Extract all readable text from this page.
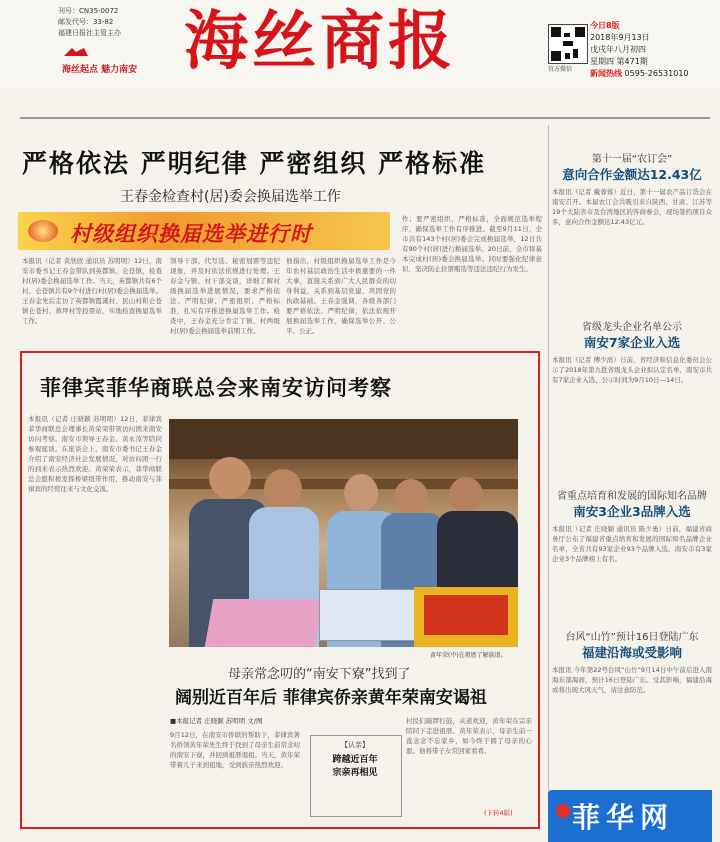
刊号：CN35-0072
邮发代号：33-82
福建日报社主管主办
海丝起点 魅力南安 海丝商报	官方微信
今日8版
2018年9月13日
戊戌年八月初四
星期四 第471期
新闻热线 0595-26531010
严格依法 严明纪律 严密组织 严格标准
王春金检查村(居)委会换届选举工作
村级组织换届选举进行时
本报讯（记者 黄欣欣 通讯员 苏明明）12日，南安市委书记王春金带队到英都镇、仑苍镇，检查村(居)委会换届选举工作。当天，英都镇共有6个村、仑苍镇共有9个村进行村(居)委会换届选举。王春金先后走访了英都镇霞溪村、民山村和仑苍镇仑苍村、蒋坪村等投票站，实地检查换届选举工作。
领导干部、代写选、秘密划票等违纪现象，并及时依法依规进行处理。王春金与镇、村干部交谈，详细了解村级换届选举进展情况，要求严格依法、严明纪律、严密组织、严格标准，扎实有序推进换届选举工作。检查中，王春金充分肯定了镇、村两级村(居)委会换届选举前期工作。
他指出，村级组织换届选举工作是今年农村基层政治生活中极重要的一件大事，直接关系到广大人民群众的切身利益，关系到基层党建、巩固党的执政基础。王春金强调，各级各部门要严格依法、严明纪律，依法依规开展换届选举工作，确保选举公开、公平、公正。
作；要严密组织，严格标准，全面规范选举程序，确保选举工作有序推进。截至9月11日，全市共有143个村(居)委会完成换届选举，12日共有90个村(居)进行换届选举。20日前，全市将基本完成村(居)委会换届选举。同时要强化纪律意识，坚决防止拉票贿选等违法违纪行为发生。
第十一届“农订会”
意向合作金额达12.43亿
本报讯（记者 戴蓉蓉）近日，第十一届农产品订货会在南安召开。本届农订会共吸引来自陕西、甘肃、江苏等19个大陆省市及台湾地区的客商参会，现场签约项目众多，意向合作金额达12.43亿元。
省级龙头企业名单公示
南安7家企业入选
本报讯（记者 傅少滨）日前，省经济和信息化委员会公示了2018年第九批省级龙头企业拟认定名单，南安市共有7家企业入选，公示时间为9月10日—14日。
省重点培育和发展的国际知名品牌
南安3企业3品牌入选
本报讯（记者 庄晓颖 通讯员 陈少勇）日前，福建省商务厅公布了福建省重点培育和发展的国际知名品牌企业名单，全省共有93家企业93个品牌入选，南安市有3家企业3个品牌榜上有名。
台风“山竹”预计16日登陆广东
福建沿海或受影响
本报讯 今年第22号台风“山竹”9月14日中午前后进入南海东部海面，预计16日登陆广东。受其影响，福建沿海或将出现大风天气，请注意防范。
菲律宾菲华商联总会来南安访问考察
本报讯（记者 庄晓颖 苏明明）12日，菲律宾菲华商联总会理事长黄荣荣带领访问团来南安访问考察。南安市领导王春金、黄永茂等陪同参观座谈。在座谈会上，南安市委书记王春金介绍了南安经济社会发展情况，对访问团一行的到来表示热烈欢迎。黄荣荣表示，菲华商联总会愿积极发挥桥梁纽带作用，推动南安与菲律宾的经贸往来与文化交流。
黄年荣(中)在祖厝了解族谱。
母亲常念叨的“南安下寮”找到了
阔别近百年后 菲律宾侨亲黄年荣南安谒祖
■本报记者 庄晓颖 苏明明 文/图
9月12日，在南安市侨联的帮助下，菲律宾著名侨领黄年荣先生终于找到了母亲生前常念叨的南安下寮，并回到祖厝谒祖。当天，黄年荣带着儿子来到祖地，受到族亲热烈欢迎。
【认亲】
跨越近百年
宗亲再相见
村民们敲锣打鼓，夹道欢迎，黄年荣在宗亲陪同下走进祖厝。黄年荣表示，母亲生前一直念念不忘家乡，如今终于圆了母亲的心愿。他将带子女常回家看看。
(下转4版) 菲华网
